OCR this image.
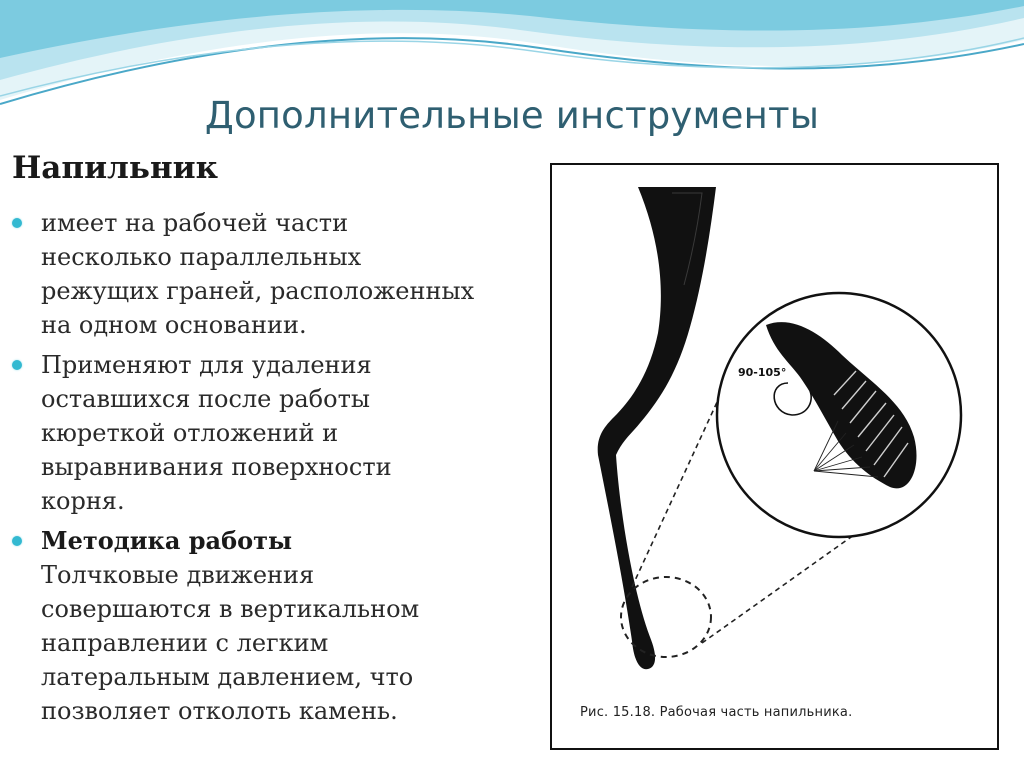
Дополнительные инструменты
Напильник
имеет на рабочей части
несколько параллельных
режущих граней, расположенных
на одном основании.
Применяют для удаления
оставшихся после работы
кюреткой отложений и
выравнивания поверхности
корня.
Методика работы
Толчковые движения
совершаются в вертикальном
направлении с легким
латеральным давлением, что
позволяет отколоть камень.
90-105°
Рис. 15.18. Рабочая часть напильника.
